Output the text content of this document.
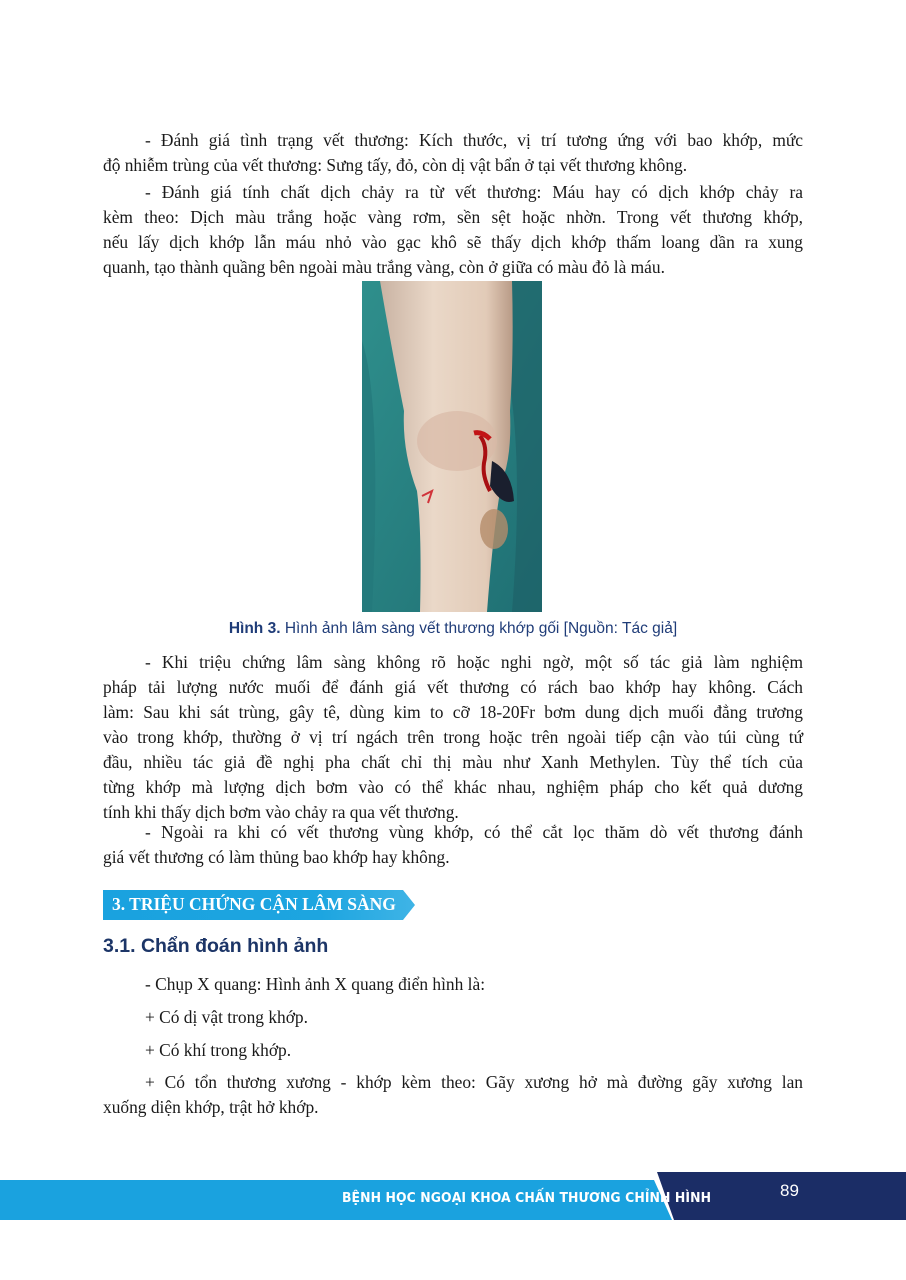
- Đánh giá tình trạng vết thương: Kích thước, vị trí tương ứng với bao khớp, mức
độ nhiễm trùng của vết thương: Sưng tấy, đỏ, còn dị vật bẩn ở tại vết thương không.

- Đánh giá tính chất dịch chảy ra từ vết thương: Máu hay có dịch khớp chảy ra
kèm theo: Dịch màu trắng hoặc vàng rơm, sền sệt hoặc nhờn. Trong vết thương khớp,
nếu lấy dịch khớp lẫn máu nhỏ vào gạc khô sẽ thấy dịch khớp thấm loang dần ra xung
quanh, tạo thành quầng bên ngoài màu trắng vàng, còn ở giữa có màu đỏ là máu.

Hình 3. Hình ảnh lâm sàng vết thương khớp gối [Nguồn: Tác giả]

- Khi triệu chứng lâm sàng không rõ hoặc nghi ngờ, một số tác giả làm nghiệm
pháp tải lượng nước muối để đánh giá vết thương có rách bao khớp hay không. Cách
làm: Sau khi sát trùng, gây tê, dùng kim to cỡ 18-20Fr bơm dung dịch muối đẳng trương
vào trong khớp, thường ở vị trí ngách trên trong hoặc trên ngoài tiếp cận vào túi cùng tứ
đầu, nhiều tác giả đề nghị pha chất chỉ thị màu như Xanh Methylen. Tùy thể tích của
từng khớp mà lượng dịch bơm vào có thể khác nhau, nghiệm pháp cho kết quả dương
tính khi thấy dịch bơm vào chảy ra qua vết thương.

- Ngoài ra khi có vết thương vùng khớp, có thể cắt lọc thăm dò vết thương đánh
giá vết thương có làm thủng bao khớp hay không.

3. TRIỆU CHỨNG CẬN LÂM SÀNG
3.1. Chẩn đoán hình ảnh

- Chụp X quang: Hình ảnh X quang điển hình là:

+ Có dị vật trong khớp.

+ Có khí trong khớp.

+ Có tổn thương xương - khớp kèm theo: Gãy xương hở mà đường gãy xương lan
xuống diện khớp, trật hở khớp.

BỆNH HỌC NGOẠI KHOA CHẤN THƯƠNG CHỈNH HÌNH	89
